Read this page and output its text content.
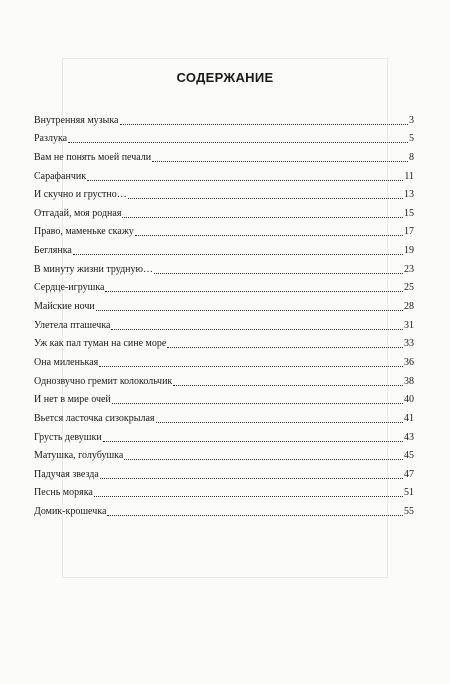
СОДЕРЖАНИЕ
Внутренняя музыка	3
Разлука	5
Вам не понять моей печали	8
Сарафанчик	11
И скучно и грустно…	13
Отгадай, моя родная	15
Право, маменьке скажу	17
Беглянка	19
В минуту жизни трудную…	23
Сердце-игрушка	25
Майские ночи	28
Улетела пташечка	31
Уж как пал туман на сине море	33
Она миленькая	36
Однозвучно гремит колокольчик	38
И нет в мире очей	40
Вьется ласточка сизокрылая	41
Грусть девушки	43
Матушка, голубушка	45
Падучая звезда	47
Песнь моряка	51
Домик-крошечка	55
